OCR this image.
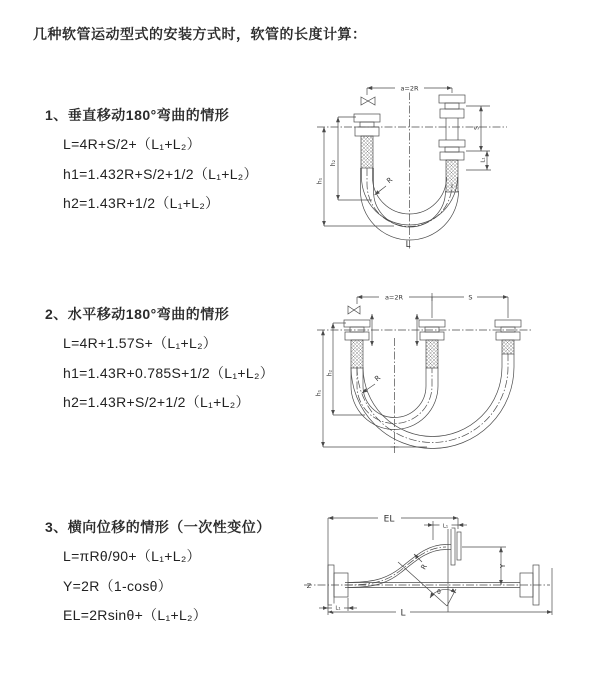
几种软管运动型式的安装方式时，软管的长度计算：
1、垂直移动180°弯曲的情形
L=4R+S/2+（L₁+L₂）
h1=1.432R+S/2+1/2（L₁+L₂）
h2=1.43R+1/2（L₁+L₂）
2、水平移动180°弯曲的情形
L=4R+1.57S+（L₁+L₂）
h1=1.43R+0.785S+1/2（L₁+L₂）
h2=1.43R+S/2+1/2（L₁+L₂）
3、横向位移的情形（一次性变位）
L=πRθ/90+（L₁+L₂）
Y=2R（1-cosθ）
EL=2Rsinθ+（L₁+L₂）
a=2R
R
L
h₂
h₁
S
L₁
a=2R	S
h₁
h₂
R
EL
L₁
Y
R
θ
Z
L
L₁
